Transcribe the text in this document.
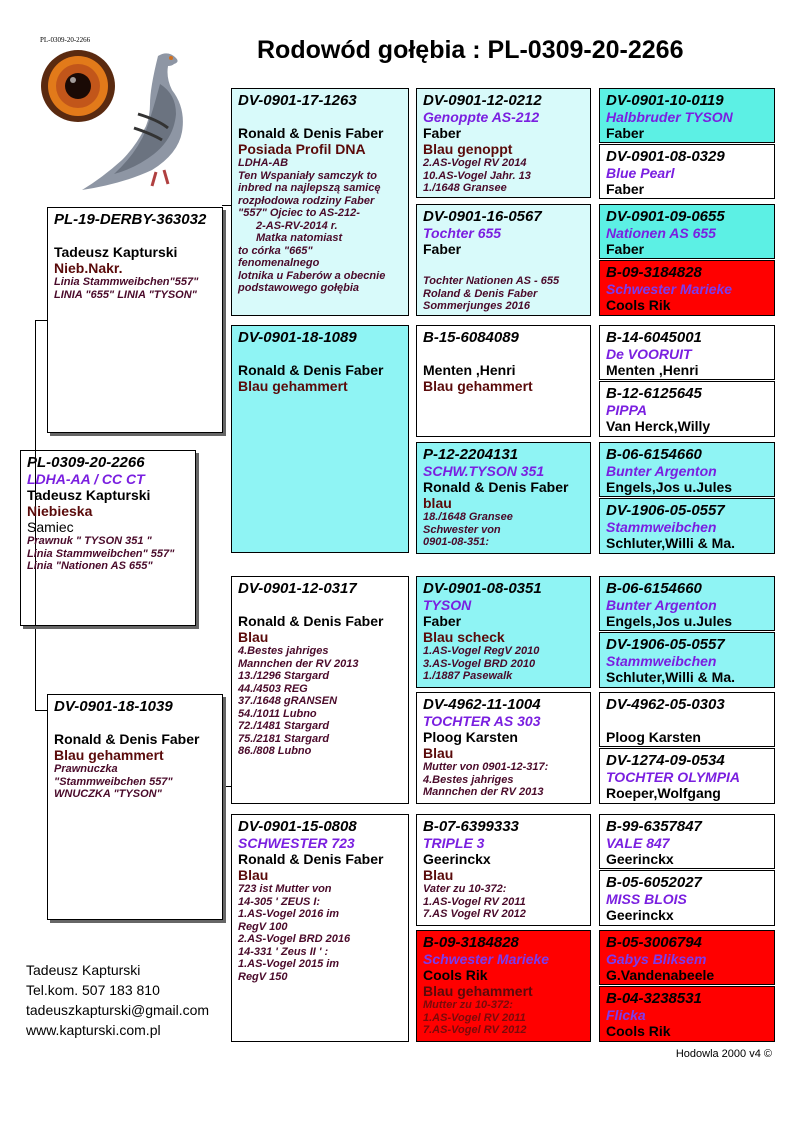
Rodowód gołębia : PL-0309-20-2266
PL-0309-20-2266
PL-0309-20-2266
LDHA-AA / CC CT
Tadeusz Kapturski
Niebieska
Samiec
Prawnuk " TYSON 351 "
Linia Stammweibchen" 557"
Linia "Nationen AS 655"
PL-19-DERBY-363032
Tadeusz Kapturski
Nieb.Nakr.
Linia Stammweibchen"557"
LINIA "655" LINIA "TYSON"
DV-0901-18-1039
Ronald & Denis Faber
Blau gehammert
Prawnuczka
"Stammweibchen 557"
WNUCZKA "TYSON"
DV-0901-17-1263
Ronald & Denis Faber
Posiada Profil DNA
LDHA-AB
Ten Wspaniały samczyk to
inbred na najlepszą samicę
rozpłodowa rodziny Faber
"557" Ojciec to AS-212-
2-AS-RV-2014 r.
Matka natomiast
to córka "665"
fenomenalnego
lotnika u Faberów a obecnie
podstawowego gołębia
DV-0901-18-1089
Ronald & Denis Faber
Blau gehammert
DV-0901-12-0317
Ronald & Denis Faber
Blau
4.Bestes jahriges
Mannchen der RV 2013
13./1296 Stargard
44./4503 REG
37./1648 gRANSEN
54./1011 Lubno
72./1481 Stargard
75./2181 Stargard
86./808 Lubno
DV-0901-15-0808
SCHWESTER 723
Ronald & Denis Faber
Blau
723 ist Mutter von
14-305 ' ZEUS I:
1.AS-Vogel 2016 im
RegV 100
2.AS-Vogel BRD 2016
14-331 ' Zeus II ' :
1.AS-Vogel 2015 im
RegV 150
DV-0901-12-0212
Genoppte AS-212
Faber
Blau genoppt
2.AS-Vogel RV 2014
10.AS-Vogel Jahr. 13
1./1648 Gransee
DV-0901-16-0567
Tochter 655
Faber
Tochter Nationen AS - 655
Roland & Denis Faber
Sommerjunges 2016
B-15-6084089
Menten ,Henri
Blau gehammert
P-12-2204131
SCHW.TYSON 351
Ronald & Denis Faber
blau
18./1648 Gransee
Schwester von
0901-08-351:
DV-0901-08-0351
TYSON
Faber
Blau scheck
1.AS-Vogel RegV 2010
3.AS-Vogel BRD 2010
1./1887 Pasewalk
DV-4962-11-1004
TOCHTER AS 303
Ploog Karsten
Blau
Mutter von 0901-12-317:
4.Bestes jahriges
Mannchen der RV 2013
B-07-6399333
TRIPLE 3
Geerinckx
Blau
Vater zu 10-372:
1.AS-Vogel RV 2011
7.AS Vogel RV 2012
B-09-3184828
Schwester Marieke
Cools Rik
Blau gehammert
Mutter zu 10-372:
1.AS-Vogel RV 2011
7.AS-Vogel RV 2012
DV-0901-10-0119
Halbbruder TYSON
Faber
DV-0901-08-0329
Blue Pearl
Faber
DV-0901-09-0655
Nationen AS 655
Faber
B-09-3184828
Schwester Marieke
Cools Rik
B-14-6045001
De VOORUIT
Menten ,Henri
B-12-6125645
PIPPA
Van Herck,Willy
B-06-6154660
Bunter Argenton
Engels,Jos u.Jules
DV-1906-05-0557
Stammweibchen
Schluter,Willi & Ma.
B-06-6154660
Bunter Argenton
Engels,Jos u.Jules
DV-1906-05-0557
Stammweibchen
Schluter,Willi & Ma.
DV-4962-05-0303
Ploog Karsten
DV-1274-09-0534
TOCHTER OLYMPIA
Roeper,Wolfgang
B-99-6357847
VALE 847
Geerinckx
B-05-6052027
MISS BLOIS
Geerinckx
B-05-3006794
Gabys Bliksem
G.Vandenabeele
B-04-3238531
Flicka
Cools Rik
Tadeusz Kapturski
Tel.kom. 507 183 810
tadeuszkapturski@gmail.com
www.kapturski.com.pl
Hodowla 2000 v4 ©
